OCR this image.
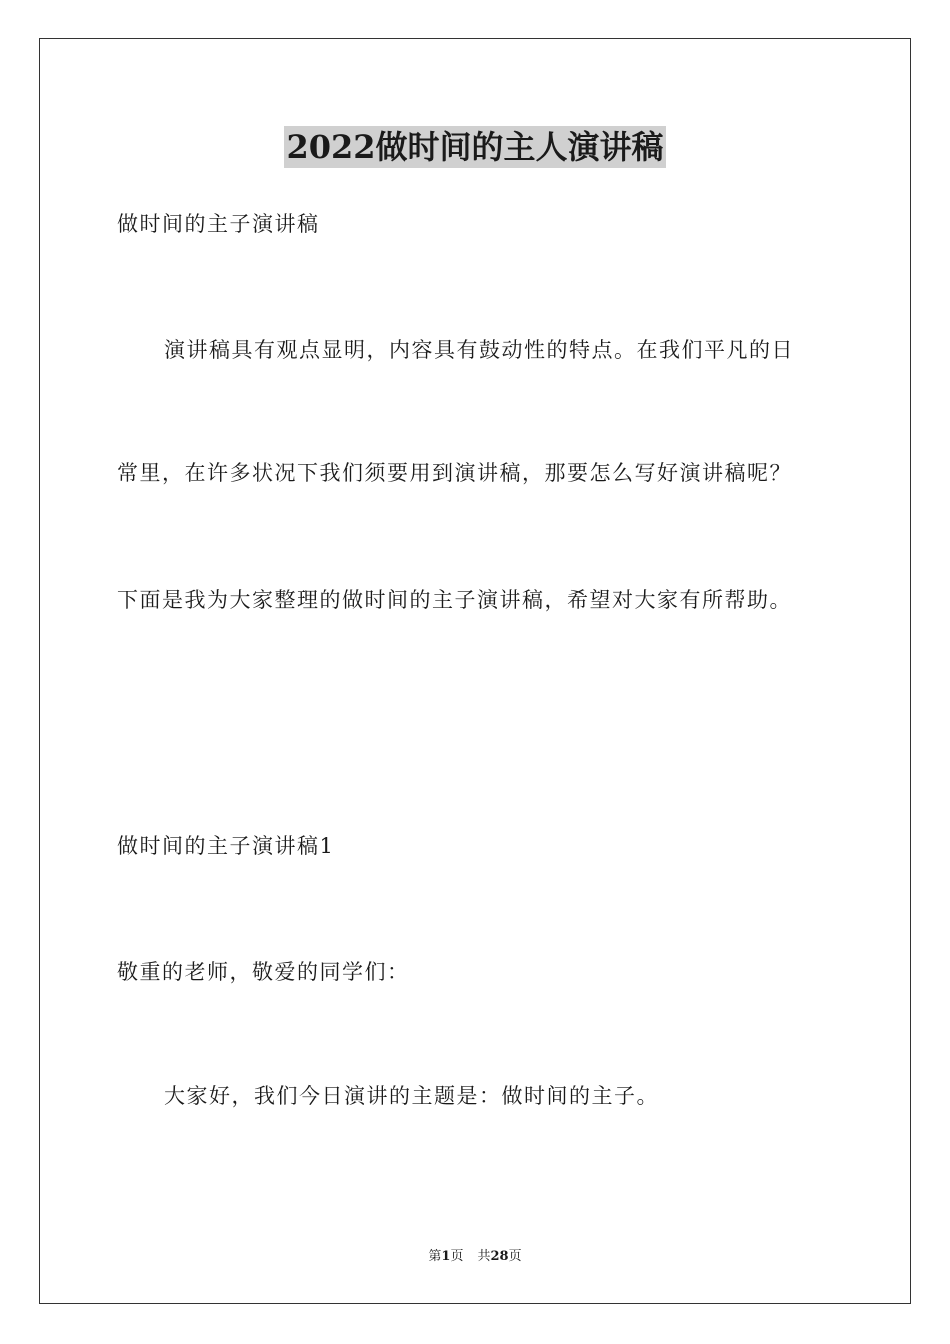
2022做时间的主人演讲稿
做时间的主子演讲稿
演讲稿具有观点显明，内容具有鼓动性的特点。在我们平凡的日
常里，在许多状况下我们须要用到演讲稿，那要怎么写好演讲稿呢？
下面是我为大家整理的做时间的主子演讲稿，希望对大家有所帮助。
做时间的主子演讲稿1
敬重的老师，敬爱的同学们：
大家好，我们今日演讲的主题是：做时间的主子。
第1页 共28页
